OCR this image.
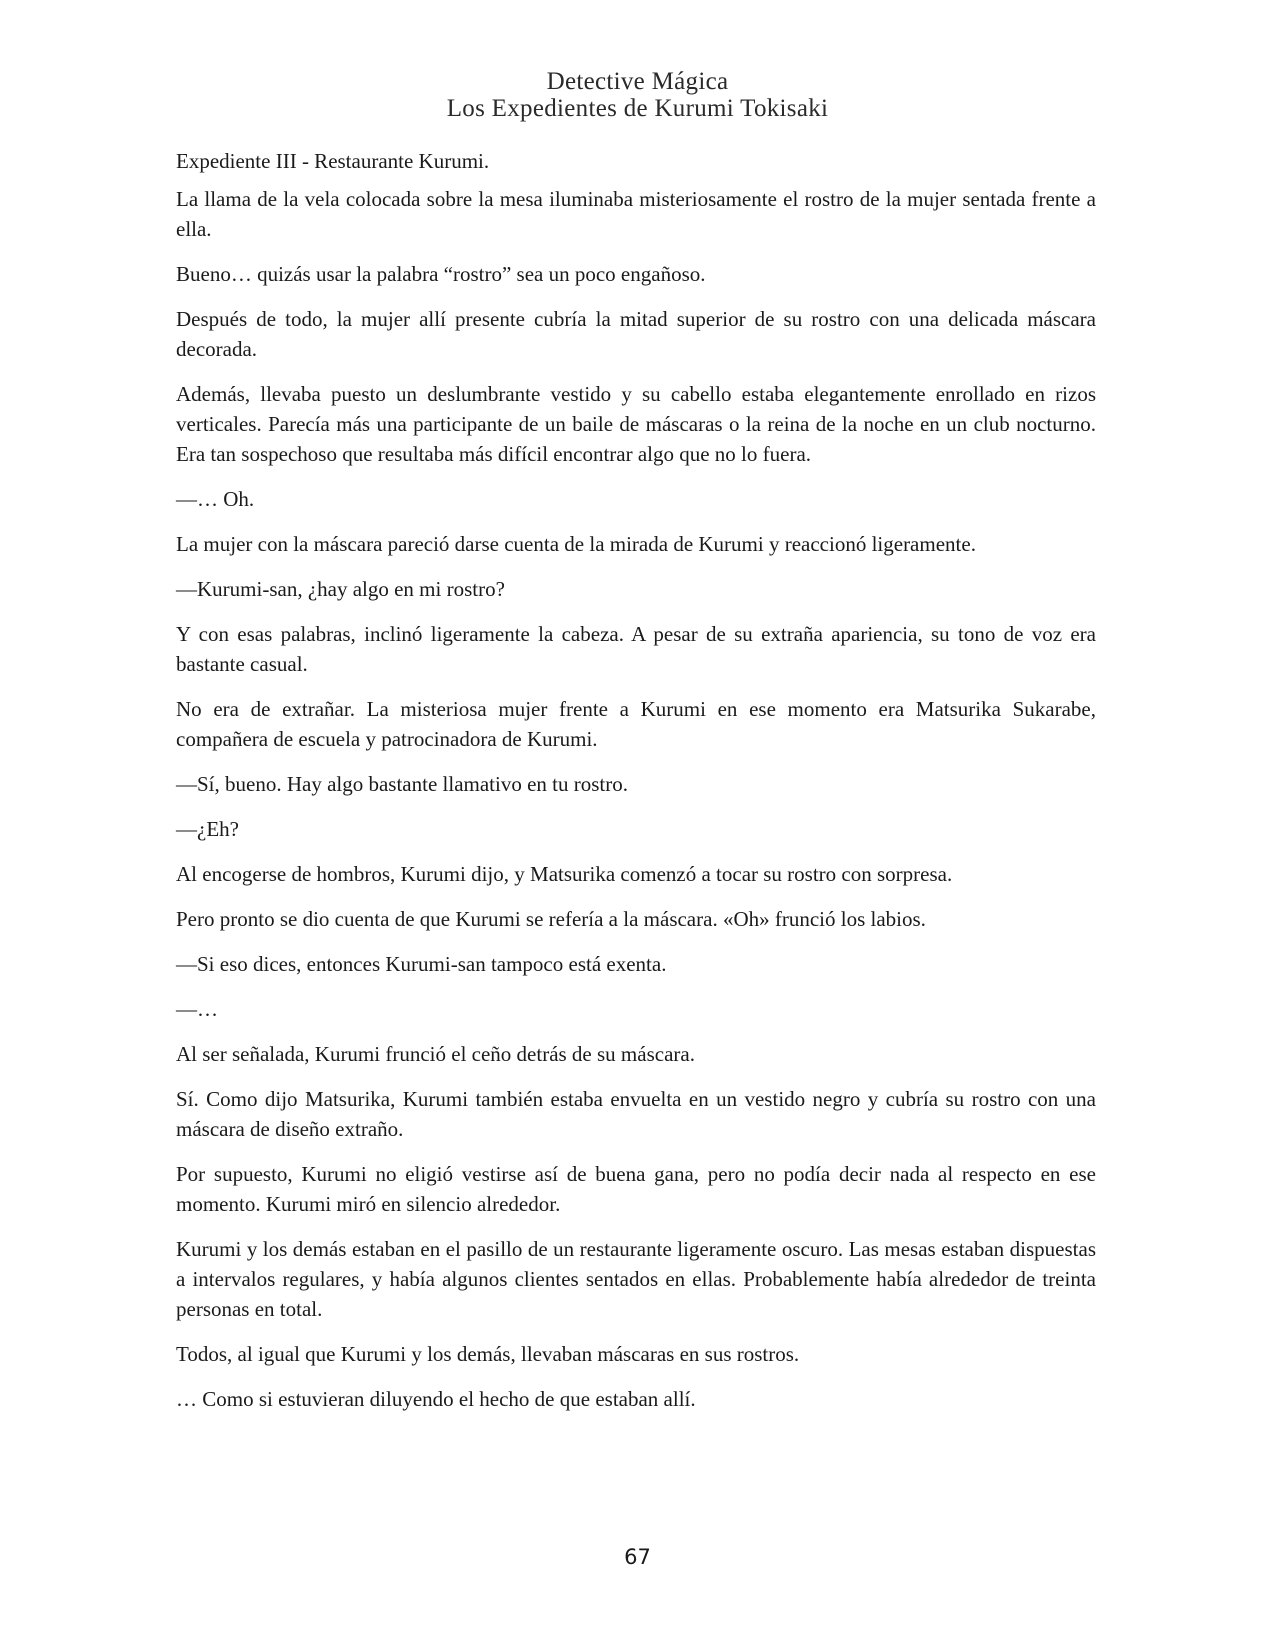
Detective Mágica
Los Expedientes de Kurumi Tokisaki
Expediente III - Restaurante Kurumi.

La llama de la vela colocada sobre la mesa iluminaba misteriosamente el rostro de la mujer sentada frente a ella.

Bueno… quizás usar la palabra “rostro” sea un poco engañoso.

Después de todo, la mujer allí presente cubría la mitad superior de su rostro con una delicada máscara decorada.

Además, llevaba puesto un deslumbrante vestido y su cabello estaba elegantemente enrollado en rizos verticales. Parecía más una participante de un baile de máscaras o la reina de la noche en un club nocturno. Era tan sospechoso que resultaba más difícil encontrar algo que no lo fuera.

—… Oh.

La mujer con la máscara pareció darse cuenta de la mirada de Kurumi y reaccionó ligeramente.

—Kurumi-san, ¿hay algo en mi rostro?

Y con esas palabras, inclinó ligeramente la cabeza. A pesar de su extraña apariencia, su tono de voz era bastante casual.

No era de extrañar. La misteriosa mujer frente a Kurumi en ese momento era Matsurika Sukarabe, compañera de escuela y patrocinadora de Kurumi.

—Sí, bueno. Hay algo bastante llamativo en tu rostro.

—¿Eh?

Al encogerse de hombros, Kurumi dijo, y Matsurika comenzó a tocar su rostro con sorpresa.

Pero pronto se dio cuenta de que Kurumi se refería a la máscara. «Oh» frunció los labios.

—Si eso dices, entonces Kurumi-san tampoco está exenta.

—…

Al ser señalada, Kurumi frunció el ceño detrás de su máscara.

Sí. Como dijo Matsurika, Kurumi también estaba envuelta en un vestido negro y cubría su rostro con una máscara de diseño extraño.

Por supuesto, Kurumi no eligió vestirse así de buena gana, pero no podía decir nada al respecto en ese momento. Kurumi miró en silencio alrededor.

Kurumi y los demás estaban en el pasillo de un restaurante ligeramente oscuro. Las mesas estaban dispuestas a intervalos regulares, y había algunos clientes sentados en ellas. Probablemente había alrededor de treinta personas en total.

Todos, al igual que Kurumi y los demás, llevaban máscaras en sus rostros.

… Como si estuvieran diluyendo el hecho de que estaban allí.

67
